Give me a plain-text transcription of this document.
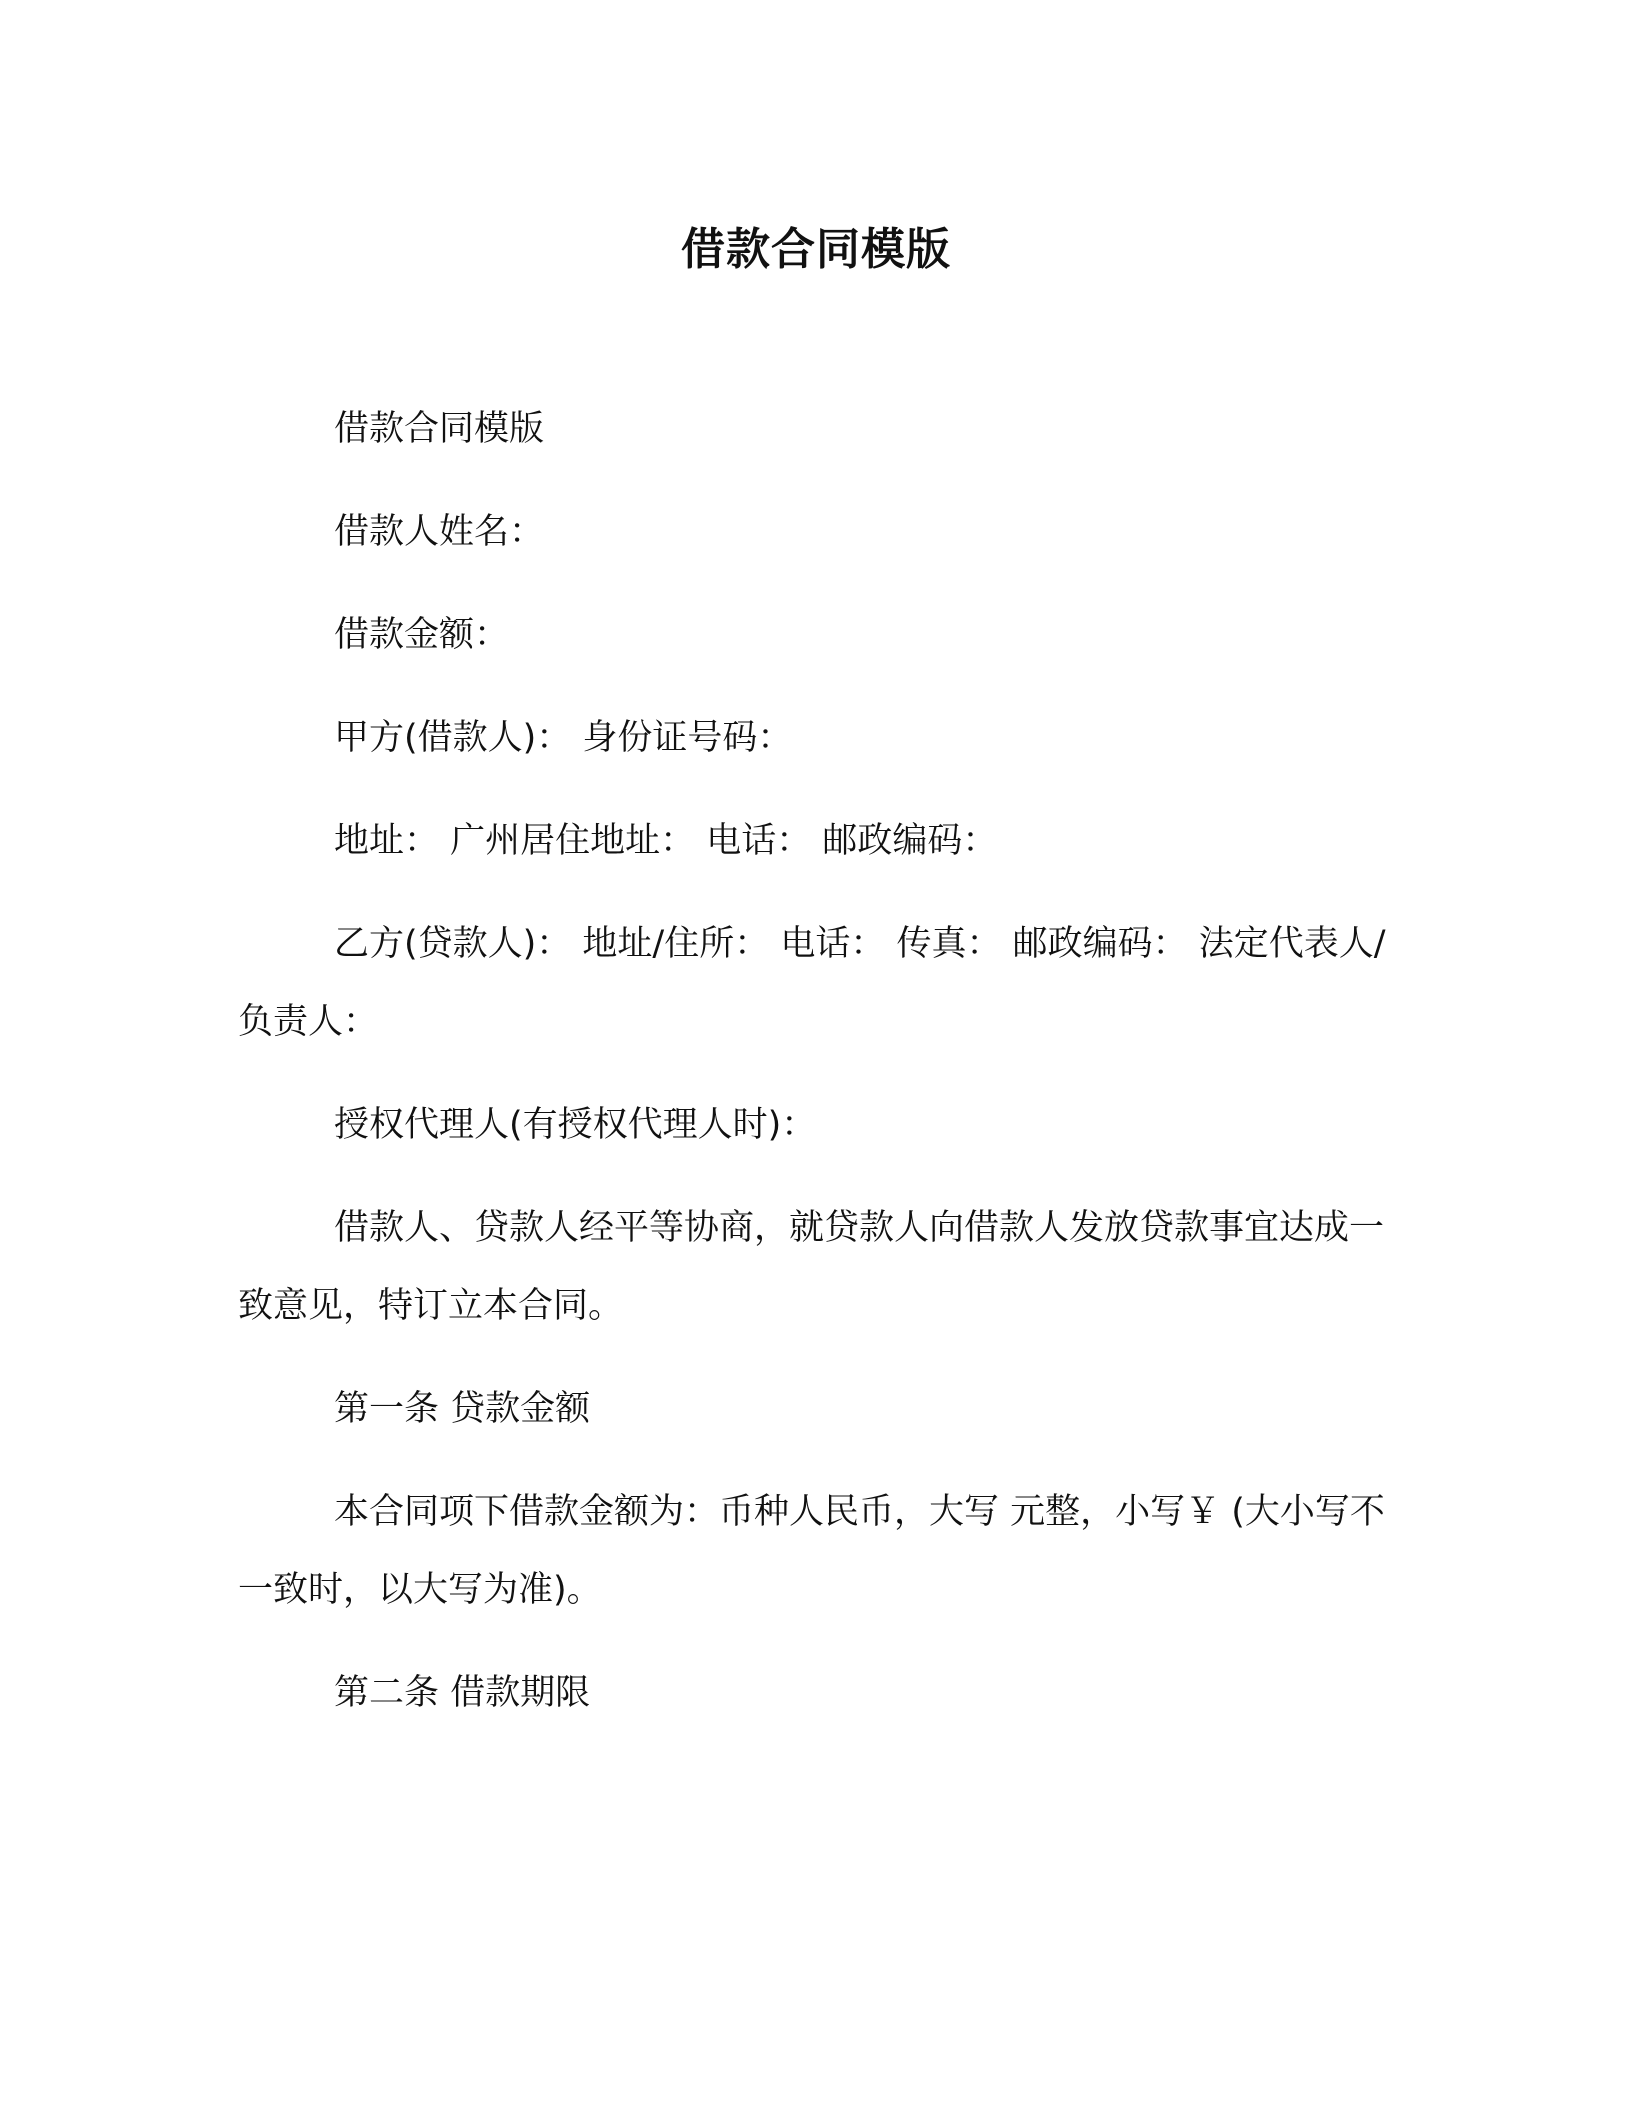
借款合同模版

借款合同模版

借款人姓名：

借款金额：

甲方(借款人)： 身份证号码：

地址： 广州居住地址： 电话： 邮政编码：

乙方(贷款人)： 地址/住所： 电话： 传真： 邮政编码： 法定代表人/负责人：

授权代理人(有授权代理人时)：

借款人、贷款人经平等协商，就贷款人向借款人发放贷款事宜达成一致意见，特订立本合同。

第一条 贷款金额

本合同项下借款金额为：币种人民币，大写 元整，小写￥ (大小写不一致时，以大写为准)。

第二条 借款期限
